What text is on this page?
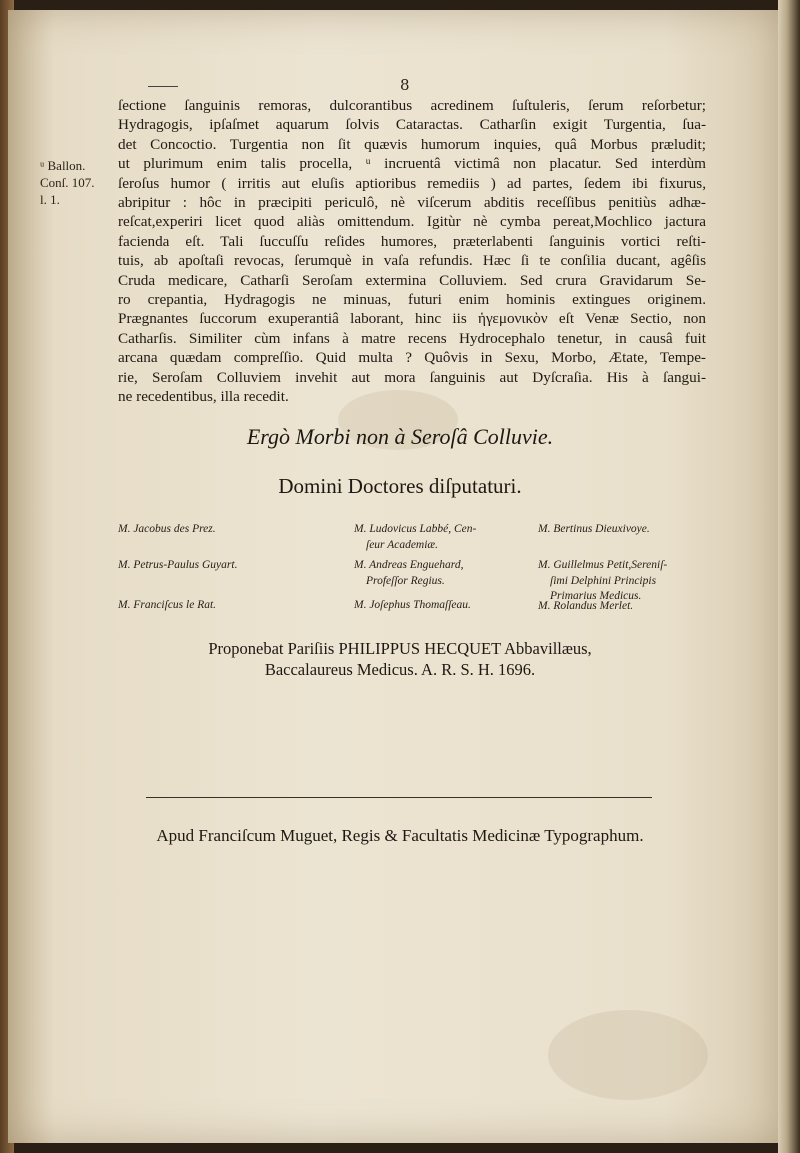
8
ᵘ Ballon.
Conſ. 107.
l. 1.

ſectione ſanguinis remoras, dulcorantibus acredinem ſuſtuleris, ſerum reſorbetur;

Hydragogis, ipſaſmet aquarum ſolvis Cataractas. Catharſin exigit Turgentia, ſua-

det Concoctio. Turgentia non ſit quævis humorum inquies, quâ Morbus præludit;

ut plurimum enim talis procella, ᵘ incruentâ victimâ non placatur. Sed interdùm

ſeroſus humor ( irritis aut eluſis aptioribus remediis ) ad partes, ſedem ibi fixurus,

abripitur : hôc in præcipiti periculô, nè viſcerum abditis receſſibus penitiùs adhæ-

reſcat,experiri licet quod aliàs omittendum. Igitùr nè cymba pereat,Mochlico jactura

facienda eſt. Tali ſuccuſſu reſides humores, præterlabenti ſanguinis vortici reſti-

tuis, ab apoſtaſi revocas, ſerumquè in vaſa refundis. Hæc ſi te conſilia ducant, agêſis

Cruda medicare, Catharſi Seroſam extermina Colluviem. Sed crura Gravidarum Se-

ro crepantia, Hydragogis ne minuas, futuri enim hominis extingues originem.

Prægnantes ſuccorum exuperantiâ laborant, hinc iis ἡγεμονικὸν eſt Venæ Sectio, non

Catharſis. Similiter cùm infans à matre recens Hydrocephalo tenetur, in causâ fuit

arcana quædam compreſſio. Quid multa ? Quôvis in Sexu, Morbo, Ætate, Tempe-

rie, Seroſam Colluviem invehit aut mora ſanguinis aut Dyſcraſia. His à ſangui-

ne recedentibus, illa recedit.

Ergò Morbi non à Seroſâ Colluvie.
Domini Doctores diſputaturi.
M. Jacobus des Prez.
M. Petrus-Paulus Guyart.
M. Franciſcus le Rat.
M. Ludovicus Labbé, Cen-
ſeur Academiæ.
M. Andreas Enguehard,
Profeſſor Regius.
M. Joſephus Thomaſſeau.
M. Bertinus Dieuxivoye.
M. Guillelmus Petit,Sereniſ-
ſimi Delphini Principis
Primarius Medicus.
M. Rolandus Merlet.
Proponebat Pariſiis PHILIPPUS HECQUET Abbavillæus,
Baccalaureus Medicus. A. R. S. H. 1696.
Apud Franciſcum Muguet, Regis & Facultatis Medicinæ Typographum.
